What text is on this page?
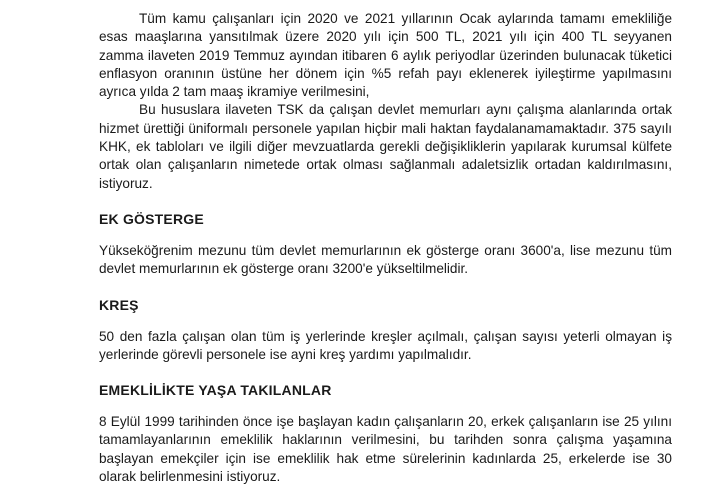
Tüm kamu çalışanları için 2020 ve 2021 yıllarının Ocak aylarında tamamı emekliliğe esas maaşlarına yansıtılmak üzere 2020 yılı için 500 TL, 2021 yılı için 400 TL seyyanen zamma ilaveten 2019 Temmuz ayından itibaren 6 aylık periyodlar üzerinden bulunacak tüketici enflasyon oranının üstüne her dönem için %5 refah payı eklenerek iyileştirme yapılmasını ayrıca yılda 2 tam maaş ikramiye verilmesini,

Bu hususlara ilaveten TSK da çalışan devlet memurları aynı çalışma alanlarında ortak hizmet ürettiği üniformalı personele yapılan hiçbir mali haktan faydalanamamaktadır. 375 sayılı KHK, ek tabloları ve ilgili diğer mevzuatlarda gerekli değişikliklerin yapılarak kurumsal külfete ortak olan çalışanların nimetede ortak olması sağlanmalı adaletsizlik ortadan kaldırılmasını, istiyoruz.

EK GÖSTERGE

Yükseköğrenim mezunu tüm devlet memurlarının ek gösterge oranı 3600'a, lise mezunu tüm devlet memurlarının ek gösterge oranı 3200'e yükseltilmelidir.

KREŞ

50 den fazla çalışan olan tüm iş yerlerinde kreşler açılmalı, çalışan sayısı yeterli olmayan iş yerlerinde görevli personele ise ayni kreş yardımı yapılmalıdır.

EMEKLİLİKTE YAŞA TAKILANLAR

8 Eylül 1999 tarihinden önce işe başlayan kadın çalışanların 20, erkek çalışanların ise 25 yılını tamamlayanlarının emeklilik haklarının verilmesini, bu tarihden sonra çalışma yaşamına başlayan emekçiler için ise emeklilik hak etme sürelerinin kadınlarda 25, erkelerde ise 30 olarak belirlenmesini istiyoruz.
